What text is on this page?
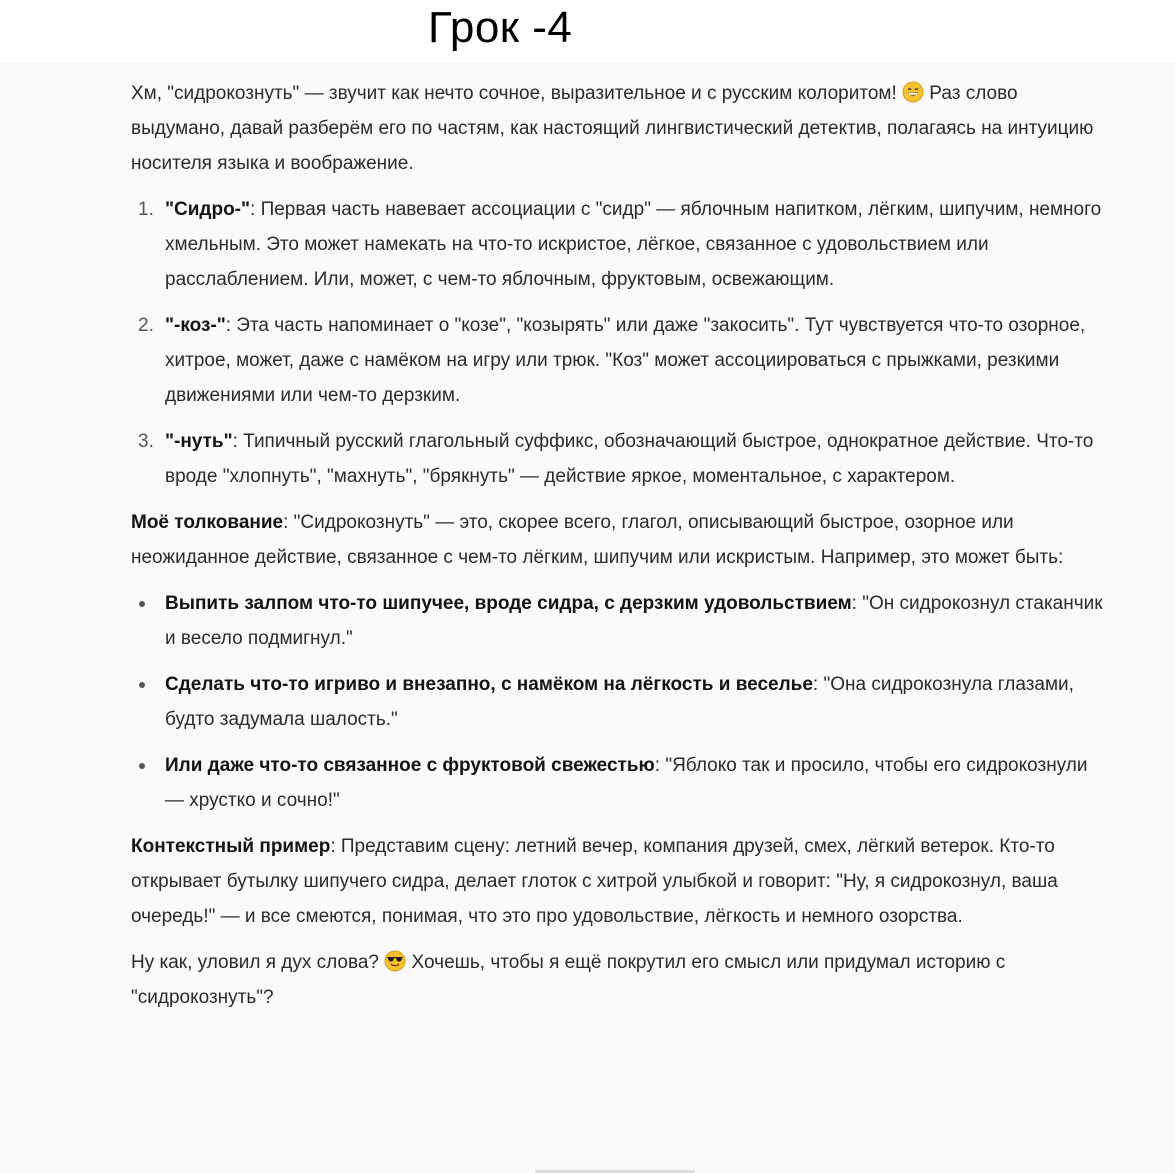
Грок -4

Хм, "сидрокознуть" — звучит как нечто сочное, выразительное и с русским колоритом!  Раз слово выдумано, давай разберём его по частям, как настоящий лингвистический детектив, полагаясь на интуицию носителя языка и воображение.

1. "Сидро-": Первая часть навевает ассоциации с "сидр" — яблочным напитком, лёгким, шипучим, немного хмельным. Это может намекать на что-то искристое, лёгкое, связанное с удовольствием или расслаблением. Или, может, с чем-то яблочным, фруктовым, освежающим.
2. "-коз-": Эта часть напоминает о "козе", "козырять" или даже "закосить". Тут чувствуется что-то озорное, хитрое, может, даже с намёком на игру или трюк. "Коз" может ассоциироваться с прыжками, резкими движениями или чем-то дерзким.
3. "-нуть": Типичный русский глагольный суффикс, обозначающий быстрое, однократное действие. Что-то вроде "хлопнуть", "махнуть", "брякнуть" — действие яркое, моментальное, с характером.

Моё толкование: "Сидрокознуть" — это, скорее всего, глагол, описывающий быстрое, озорное или неожиданное действие, связанное с чем-то лёгким, шипучим или искристым. Например, это может быть:

Выпить залпом что-то шипучее, вроде сидра, с дерзким удовольствием: "Он сидрокознул стаканчик и весело подмигнул."
Сделать что-то игриво и внезапно, с намёком на лёгкость и веселье: "Она сидрокознула глазами, будто задумала шалость."
Или даже что-то связанное с фруктовой свежестью: "Яблоко так и просило, чтобы его сидрокознули — хрустко и сочно!"

Контекстный пример: Представим сцену: летний вечер, компания друзей, смех, лёгкий ветерок. Кто-то открывает бутылку шипучего сидра, делает глоток с хитрой улыбкой и говорит: "Ну, я сидрокознул, ваша очередь!" — и все смеются, понимая, что это про удовольствие, лёгкость и немного озорства.

Ну как, уловил я дух слова?  Хочешь, чтобы я ещё покрутил его смысл или придумал историю с "сидрокознуть"?
